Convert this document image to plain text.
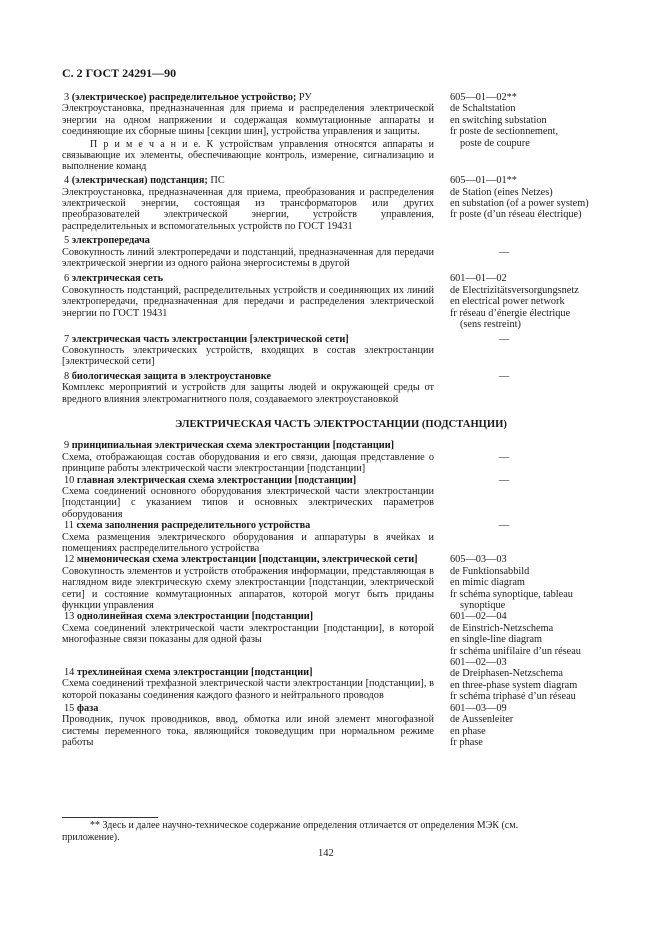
С. 2 ГОСТ 24291—90
3 (электрическое) распределительное устройство; РУ
Электроустановка, предназначенная для приема и распределения электрической энергии на одном напряжении и содержащая коммутационные аппараты и соединяющие их сборные шины [секции шин], устройства управления и защиты.
П р и м е ч а н и е. К устройствам управления относятся аппараты и связывающие их элементы, обеспечивающие контроль, измерение, сигнализацию и выполнение команд
605—01—02**
de Schaltstation
en switching substation
fr poste de sectionnement,
poste de coupure
4 (электрическая) подстанция; ПС
Электроустановка, предназначенная для приема, преобразования и распределения электрической энергии, состоящая из трансформаторов или других преобразователей электрической энергии, устройств управления, распределительных и вспомогательных устройств по ГОСТ 19431
605—01—01**
de Station (eines Netzes)
en substation (of a power system)
fr poste (d’un réseau électrique)
5 электропередача
Совокупность линий электропередачи и подстанций, предназначенная для передачи электрической энергии из одного района энергосистемы в другой
—
6 электрическая сеть
Совокупность подстанций, распределительных устройств и соединяющих их линий электропередачи, предназначенная для передачи и распределения электрической энергии по ГОСТ 19431
601—01—02
de Electrizitätsversorgungsnetz
en electrical power network
fr réseau d’énergie électrique
(sens restreint)
7 электрическая часть электростанции [электрической сети]
Совокупность электрических устройств, входящих в состав электростанции [электрической сети]
—
8 биологическая защита в электроустановке
Комплекс мероприятий и устройств для защиты людей и окружающей среды от вредного влияния электромагнитного поля, создаваемого электроустановкой
—
ЭЛЕКТРИЧЕСКАЯ ЧАСТЬ ЭЛЕКТРОСТАНЦИИ (ПОДСТАНЦИИ)
9 принципиальная электрическая схема электростанции [подстанции]
Схема, отображающая состав оборудования и его связи, дающая представление о принципе работы электрической части электростанции [подстанции]
—
10 главная электрическая схема электростанции [подстанции]
Схема соединений основного оборудования электрической части электростанции [подстанции] с указанием типов и основных электрических параметров оборудования
—
11 схема заполнения распределительного устройства
Схема размещения электрического оборудования и аппаратуры в ячейках и помещениях распределительного устройства
—
12 мнемоническая схема электростанции [подстанции, электрической сети]
Совокупность элементов и устройств отображения информации, представляющая в наглядном виде электрическую схему электростанции [подстанции, электрической сети] и состояние коммутационных аппаратов, которой могут быть приданы функции управления
605—03—03
de Funktionsabbild
en mimic diagram
fr schéma synoptique, tableau
synoptique
13 однолинейная схема электростанции [подстанции]
Схема соединений электрической части электростанции [подстанции], в которой многофазные связи показаны для одной фазы
601—02—04
de Einstrich-Netzschema
en single-line diagram
fr schéma unifilaire d’un réseau
14 трехлинейная схема электростанции [подстанции]
Схема соединений трехфазной электрической части электростанции [подстанции], в которой показаны соединения каждого фазного и нейтрального проводов
601—02—03
de Dreiphasen-Netzschema
en three-phase system diagram
fr schéma triphasé d’un réseau
15 фаза
Проводник, пучок проводников, ввод, обмотка или иной элемент многофазной системы переменного тока, являющийся токоведущим при нормальном режиме работы
601—03—09
de Aussenleiter
en phase
fr phase
** Здесь и далее научно-техническое содержание определения отличается от определения МЭК (см. приложение).
142
